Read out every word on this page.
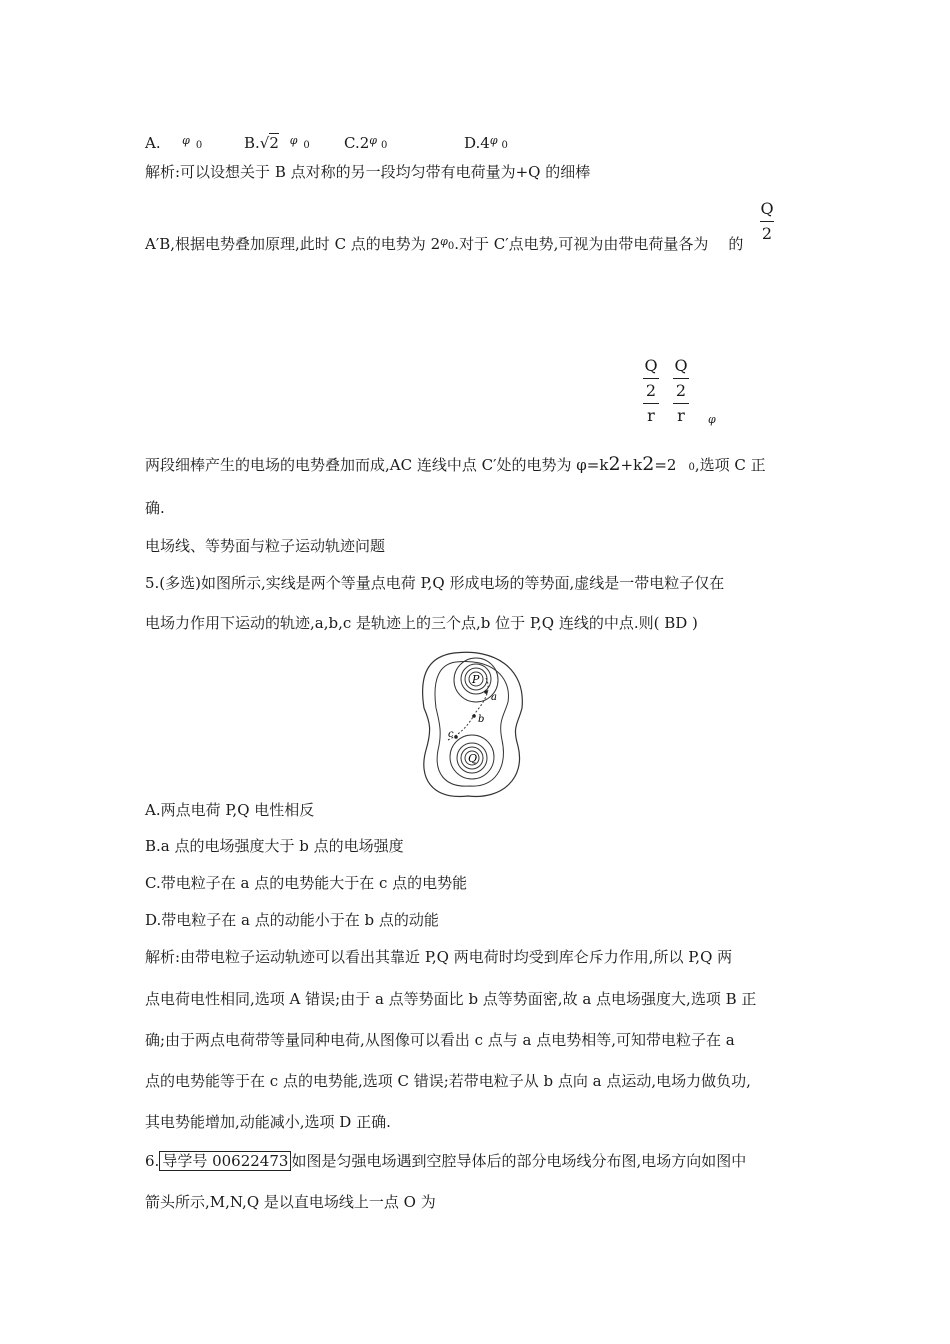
A. $^\varphi$ 0	B.√2 $^\varphi$ 0 $C.2^\varphi$ 0	$D.4^\varphi$ 0
解析:可以设想关于 B 点对称的另一段均匀带有电荷量为+Q 的细棒
Q
2
A′B,根据电势叠加原理,此时 C 点的电势为 $2^\varphi 0$.对于 C′点电势,可视为由带电荷量各为 的
Q
2
r
Q
2
r	φ
两段细棒产生的电场的电势叠加而成,AC 连线中点 C′处的电势为 φ=k2+k2=2 0,选项 C 正
确.
电场线、等势面与粒子运动轨迹问题
5.(多选)如图所示,实线是两个等量点电荷 P,Q 形成电场的等势面,虚线是一带电粒子仅在
电场力作用下运动的轨迹,a,b,c 是轨迹上的三个点,b 位于 P,Q 连线的中点.则( BD )
P
Q
a
b
c
A.两点电荷 P,Q 电性相反
B.a 点的电场强度大于 b 点的电场强度
C.带电粒子在 a 点的电势能大于在 c 点的电势能
D.带电粒子在 a 点的动能小于在 b 点的动能
解析:由带电粒子运动轨迹可以看出其靠近 P,Q 两电荷时均受到库仑斥力作用,所以 P,Q 两
点电荷电性相同,选项 A 错误;由于 a 点等势面比 b 点等势面密,故 a 点电场强度大,选项 B 正
确;由于两点电荷带等量同种电荷,从图像可以看出 c 点与 a 点电势相等,可知带电粒子在 a
点的电势能等于在 c 点的电势能,选项 C 错误;若带电粒子从 b 点向 a 点运动,电场力做负功,
其电势能增加,动能减小,选项 D 正确.
6. 导学号 00622473 如图是匀强电场遇到空腔导体后的部分电场线分布图,电场方向如图中
箭头所示,M,N,Q 是以直电场线上一点 O 为
